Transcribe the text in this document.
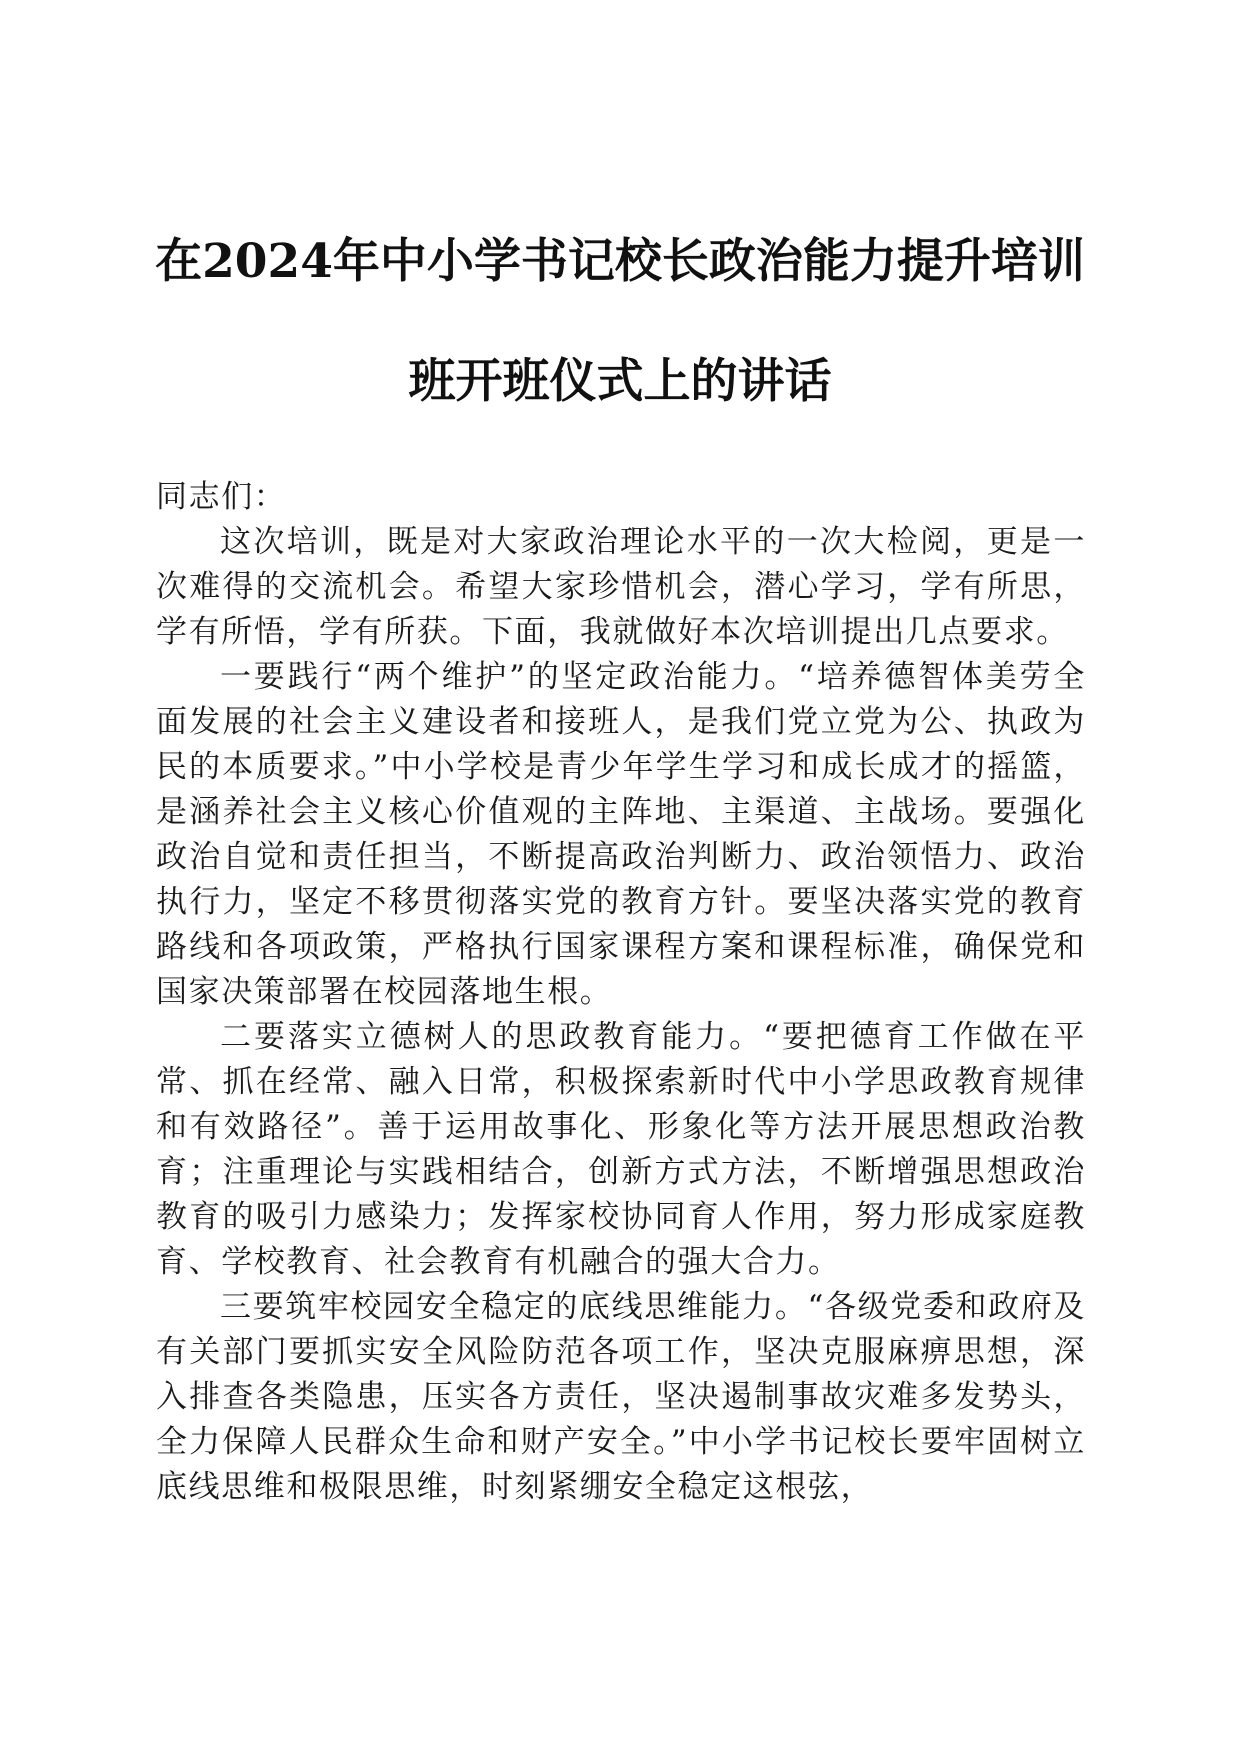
在2024年中小学书记校长政治能力提升培训
班开班仪式上的讲话

同志们：

这次培训，既是对大家政治理论水平的一次大检阅，更是一次难得的交流机会。希望大家珍惜机会，潜心学习，学有所思，学有所悟，学有所获。下面，我就做好本次培训提出几点要求。

一要践行“两个维护”的坚定政治能力。“培养德智体美劳全面发展的社会主义建设者和接班人，是我们党立党为公、执政为民的本质要求。”中小学校是青少年学生学习和成长成才的摇篮，是涵养社会主义核心价值观的主阵地、主渠道、主战场。要强化政治自觉和责任担当，不断提高政治判断力、政治领悟力、政治执行力，坚定不移贯彻落实党的教育方针。要坚决落实党的教育路线和各项政策，严格执行国家课程方案和课程标准，确保党和国家决策部署在校园落地生根。

二要落实立德树人的思政教育能力。“要把德育工作做在平常、抓在经常、融入日常，积极探索新时代中小学思政教育规律和有效路径”。善于运用故事化、形象化等方法开展思想政治教育；注重理论与实践相结合，创新方式方法，不断增强思想政治教育的吸引力感染力；发挥家校协同育人作用，努力形成家庭教育、学校教育、社会教育有机融合的强大合力。

三要筑牢校园安全稳定的底线思维能力。“各级党委和政府及有关部门要抓实安全风险防范各项工作，坚决克服麻痹思想，深入排查各类隐患，压实各方责任，坚决遏制事故灾难多发势头，全力保障人民群众生命和财产安全。”中小学书记校长要牢固树立底线思维和极限思维，时刻紧绷安全稳定这根弦，
